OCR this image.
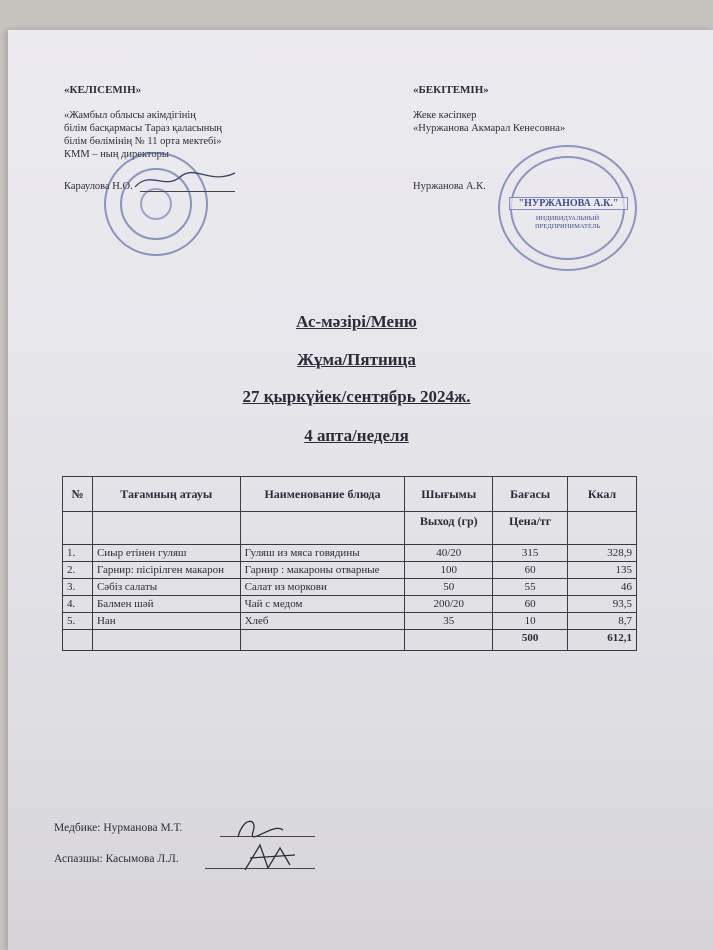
«КЕЛІСЕМІН»
«Жамбыл облысы әкімдігінің
білім басқармасы Тараз қаласының
білім бөлімінің № 11 орта мектебі»
КММ – ның директоры
Караулова Н.О.
«БЕКІТЕМІН»
Жеке кәсіпкер
«Нуржанова Акмарал Кенесовна»
Нуржанова А.К.
"НУРЖАНОВА А.К."
ИНДИВИДУАЛЬНЫЙ
ПРЕДПРИНИМАТЕЛЬ
Ас-мәзірі/Меню
Жұма/Пятница
27 қыркүйек/сентябрь 2024ж.
4 апта/неделя
№	Тағамның атауы	Наименование блюда	Шығымы	Бағасы	Ккал
			Выход (гр)	Цена/тг	
1.	Сиыр етінен гуляш	Гуляш из мяса говядины	40/20	315	328,9
2.	Гарнир: пісірілген макарон	Гарнир : макароны отварные	100	60	135
3.	Сәбіз салаты	Салат из моркови	50	55	46
4.	Балмен шәй	Чай с медом	200/20	60	93,5
5.	Нан	Хлеб	35	10	8,7
				500	612,1
Медбике: Нурманова М.Т.
Аспазшы: Касымова Л.Л.
